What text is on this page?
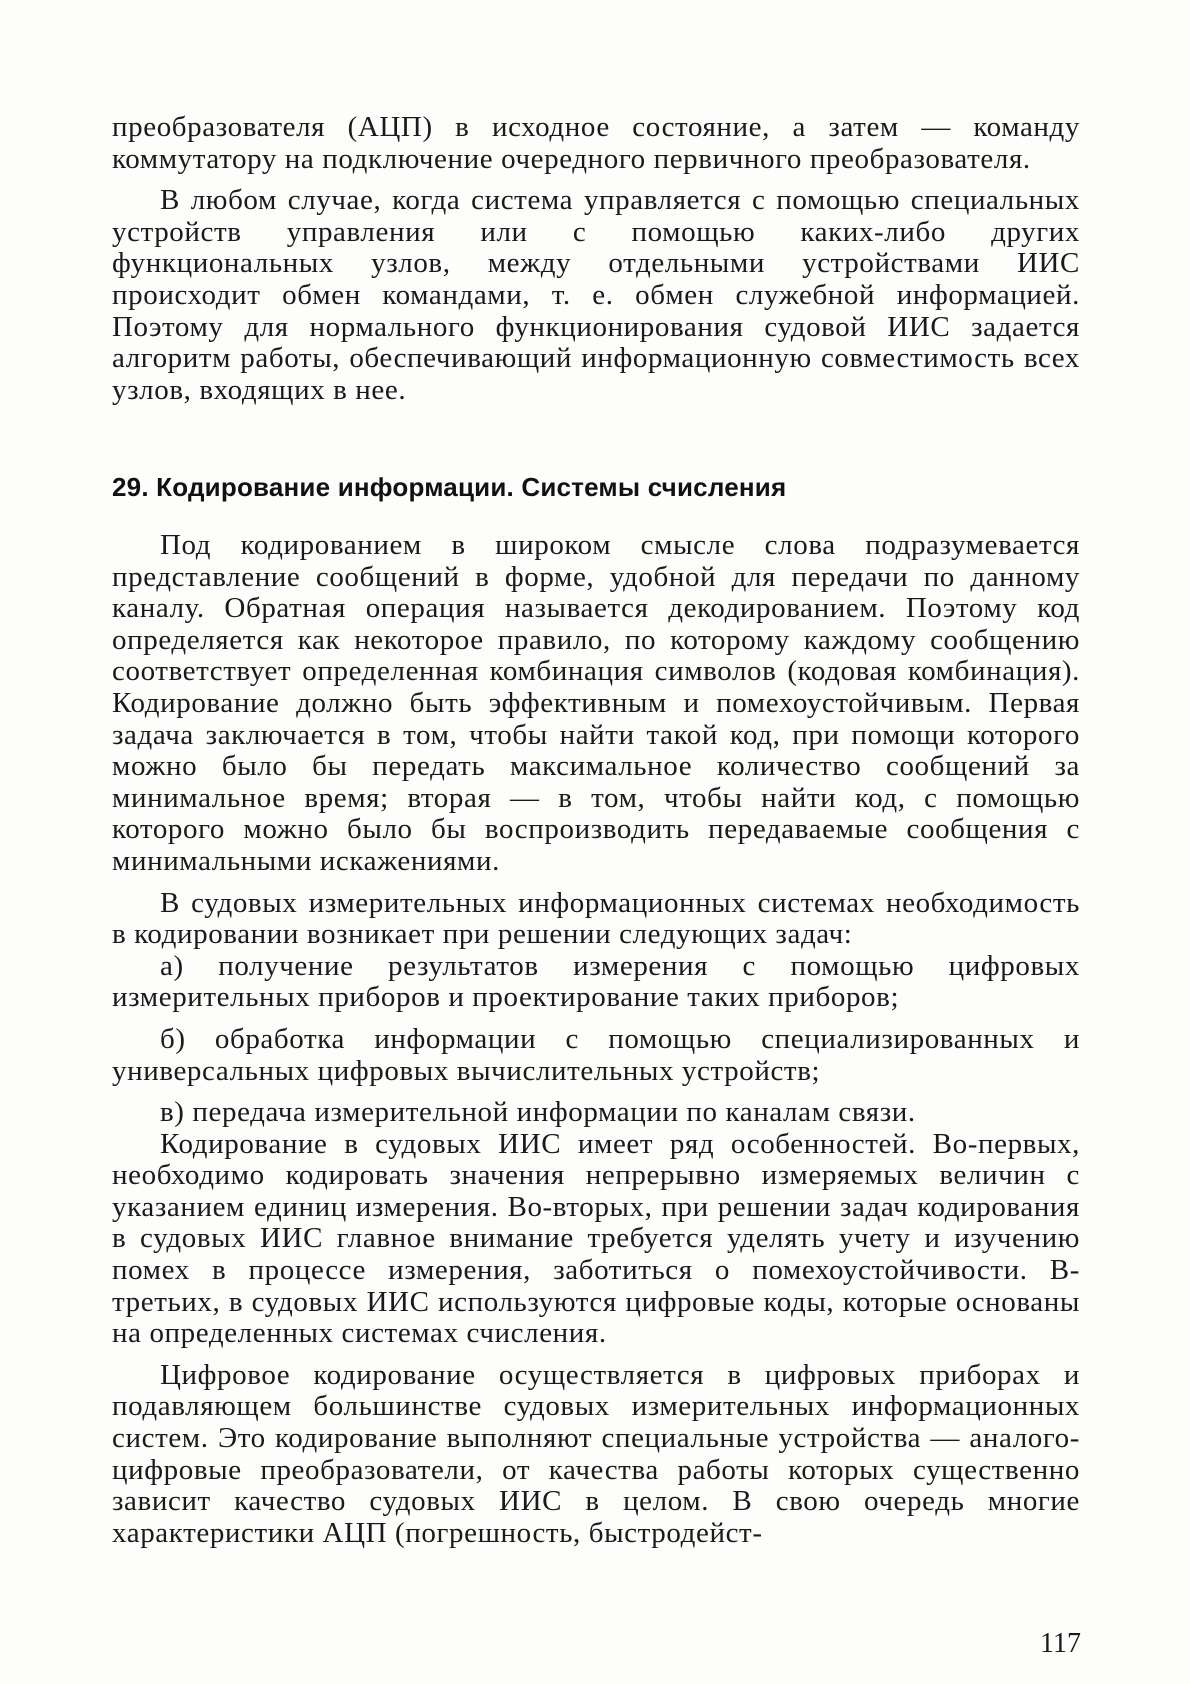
преобразователя (АЦП) в исходное состояние, а затем — команду коммутатору на подключение очередного первичного преобразователя.

В любом случае, когда система управляется с помощью специальных устройств управления или с помощью каких-либо других функциональных узлов, между отдельными устройствами ИИС происходит обмен командами, т. е. обмен служебной информацией. Поэтому для нормального функционирования судовой ИИС задается алгоритм работы, обеспечивающий информационную совместимость всех узлов, входящих в нее.

29. Кодирование информации. Системы счисления

Под кодированием в широком смысле слова подразумевается представление сообщений в форме, удобной для передачи по данному каналу. Обратная операция называется декодированием. Поэтому код определяется как некоторое правило, по которому каждому сообщению соответствует определенная комбинация символов (кодовая комбинация). Кодирование должно быть эффективным и помехоустойчивым. Первая задача заключается в том, чтобы найти такой код, при помощи которого можно было бы передать максимальное количество сообщений за минимальное время; вторая — в том, чтобы найти код, с помощью которого можно было бы воспроизводить передаваемые сообщения с минимальными искажениями.

В судовых измерительных информационных системах необходимость в кодировании возникает при решении следующих задач:

а) получение результатов измерения с помощью цифровых измерительных приборов и проектирование таких приборов;

б) обработка информации с помощью специализированных и универсальных цифровых вычислительных устройств;

в) передача измерительной информации по каналам связи.

Кодирование в судовых ИИС имеет ряд особенностей. Во-первых, необходимо кодировать значения непрерывно измеряемых величин с указанием единиц измерения. Во-вторых, при решении задач кодирования в судовых ИИС главное внимание требуется уделять учету и изучению помех в процессе измерения, заботиться о помехоустойчивости. В-третьих, в судовых ИИС используются цифровые коды, которые основаны на определенных системах счисления.

Цифровое кодирование осуществляется в цифровых приборах и подавляющем большинстве судовых измерительных информационных систем. Это кодирование выполняют специальные устройства — аналого-цифровые преобразователи, от качества работы которых существенно зависит качество судовых ИИС в целом. В свою очередь многие характеристики АЦП (погрешность, быстродейст-

117
